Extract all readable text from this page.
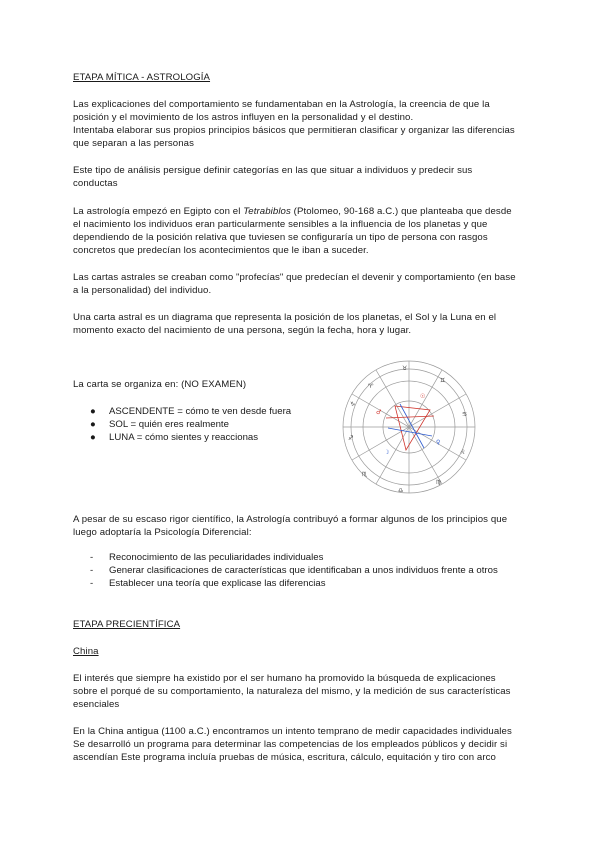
ETAPA MÍTICA - ASTROLOGÍA

Las explicaciones del comportamiento se fundamentaban en la Astrología, la creencia de que la

posición y el movimiento de los astros influyen en la personalidad y el destino.

Intentaba elaborar sus propios principios básicos que permitieran clasificar y organizar las diferencias

que separan a las personas

Este tipo de análisis persigue definir categorías en las que situar a individuos y predecir sus

conductas

La astrología empezó en Egipto con el Tetrabiblos (Ptolomeo, 90-168 a.C.) que planteaba que desde

el nacimiento los individuos eran particularmente sensibles a la influencia de los planetas y que

dependiendo de la posición relativa que tuviesen se configuraría un tipo de persona con rasgos

concretos que predecían los acontecimientos que le iban a suceder.

Las cartas astrales se creaban como "profecías" que predecían el devenir y comportamiento (en base

a la personalidad) del individuo.

Una carta astral es un diagrama que representa la posición de los planetas, el Sol y la Luna en el

momento exacto del nacimiento de una persona, según la fecha, hora y lugar.

La carta se organiza en: (NO EXAMEN)
● ASCENDENTE = cómo te ven desde fuera
● SOL = quién eres realmente
● LUNA = cómo sientes y reaccionas
♈
♉
♊
♋
♌
♍
♎
♏
♐
♑
☉
☽
♀
♂

A pesar de su escaso rigor científico, la Astrología contribuyó a formar algunos de los principios que

luego adoptaría la Psicología Diferencial:

- Reconocimiento de las peculiaridades individuales
- Generar clasificaciones de características que identificaban a unos individuos frente a otros
- Establecer una teoría que explicase las diferencias
ETAPA PRECIENTÍFICA
China

El interés que siempre ha existido por el ser humano ha promovido la búsqueda de explicaciones

sobre el porqué de su comportamiento, la naturaleza del mismo, y la medición de sus características

esenciales

En la China antigua (1100 a.C.) encontramos un intento temprano de medir capacidades individuales

Se desarrolló un programa para determinar las competencias de los empleados públicos y decidir si

ascendían Este programa incluía pruebas de música, escritura, cálculo, equitación y tiro con arco
